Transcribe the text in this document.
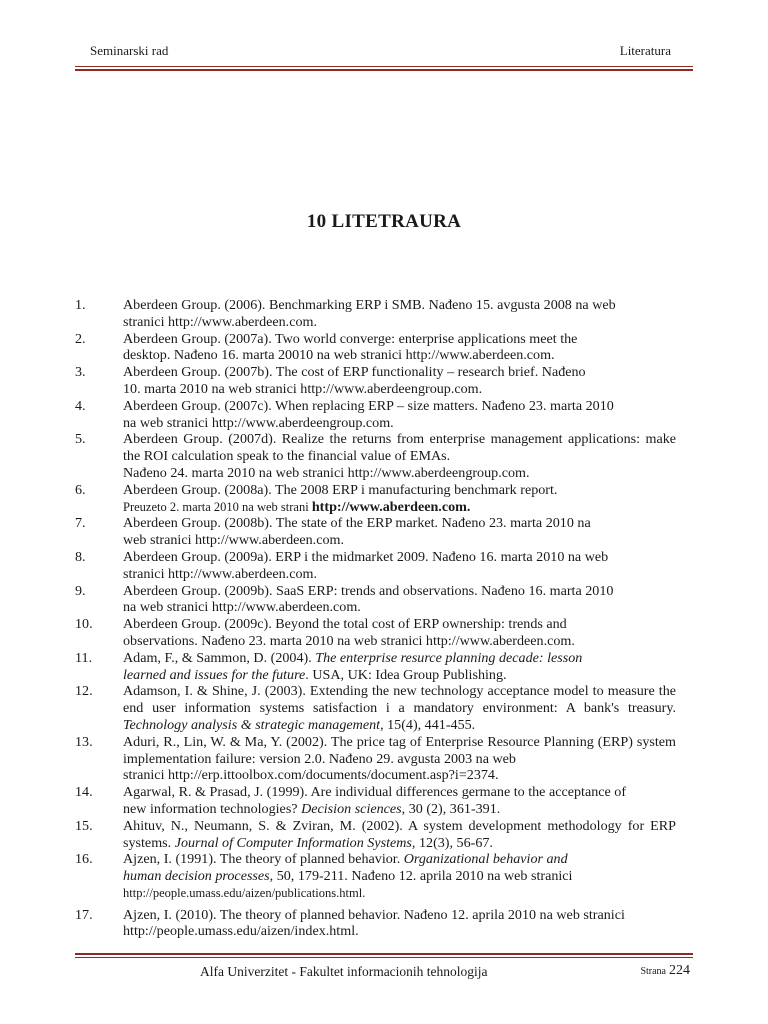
Seminarski rad	Literatura
10 LITETRAURA
1.	Aberdeen Group. (2006). Benchmarking ERP i SMB. Nađeno 15. avgusta 2008 na web
stranici http://www.aberdeen.com.
2.	Aberdeen Group. (2007a). Two world converge: enterprise applications meet the
desktop. Nađeno 16. marta 20010 na web stranici http://www.aberdeen.com.
3.	Aberdeen Group. (2007b). The cost of ERP functionality – research brief. Nađeno
10. marta 2010 na web stranici http://www.aberdeengroup.com.
4.	Aberdeen Group. (2007c). When replacing ERP – size matters. Nađeno 23. marta 2010
na web stranici http://www.aberdeengroup.com.
5.	Aberdeen Group. (2007d). Realize the returns from enterprise management applications: make the ROI calculation speak to the financial value of EMAs.
Nađeno 24. marta 2010 na web stranici http://www.aberdeengroup.com.
6.	Aberdeen Group. (2008a). The 2008 ERP i manufacturing benchmark report.
Preuzeto 2. marta 2010 na web strani http://www.aberdeen.com.
7.	Aberdeen Group. (2008b). The state of the ERP market. Nađeno 23. marta 2010 na
web stranici http://www.aberdeen.com.
8.	Aberdeen Group. (2009a). ERP i the midmarket 2009. Nađeno 16. marta 2010 na web
stranici http://www.aberdeen.com.
9.	Aberdeen Group. (2009b). SaaS ERP: trends and observations. Nađeno 16. marta 2010
na web stranici http://www.aberdeen.com.
10.	Aberdeen Group. (2009c). Beyond the total cost of ERP ownership: trends and
observations. Nađeno 23. marta 2010 na web stranici http://www.aberdeen.com.
11.	Adam, F., & Sammon, D. (2004). The enterprise resurce planning decade: lesson
learned and issues for the future. USA, UK: Idea Group Publishing.
12.	Adamson, I. & Shine, J. (2003). Extending the new technology acceptance model to measure the end user information systems satisfaction i a mandatory environment: A bank's treasury. Technology analysis & strategic management, 15(4), 441-455.
13.	Aduri, R., Lin, W. & Ma, Y. (2002). The price tag of Enterprise Resource Planning (ERP) system implementation failure: version 2.0. Nađeno 29. avgusta 2003 na web
stranici http://erp.ittoolbox.com/documents/document.asp?i=2374.
14.	Agarwal, R. & Prasad, J. (1999). Are individual differences germane to the acceptance of
new information technologies? Decision sciences, 30 (2), 361-391.
15.	Ahituv, N., Neumann, S. & Zviran, M. (2002). A system development methodology for ERP systems. Journal of Computer Information Systems, 12(3), 56-67.
16.	Ajzen, I. (1991). The theory of planned behavior. Organizational behavior and
human decision processes, 50, 179-211. Nađeno 12. aprila 2010 na web stranici
http://people.umass.edu/aizen/publications.html.
17.	Ajzen, I. (2010). The theory of planned behavior. Nađeno 12. aprila 2010 na web stranici
http://people.umass.edu/aizen/index.html.
Alfa Univerzitet - Fakultet informacionih tehnologija	Strana 224
